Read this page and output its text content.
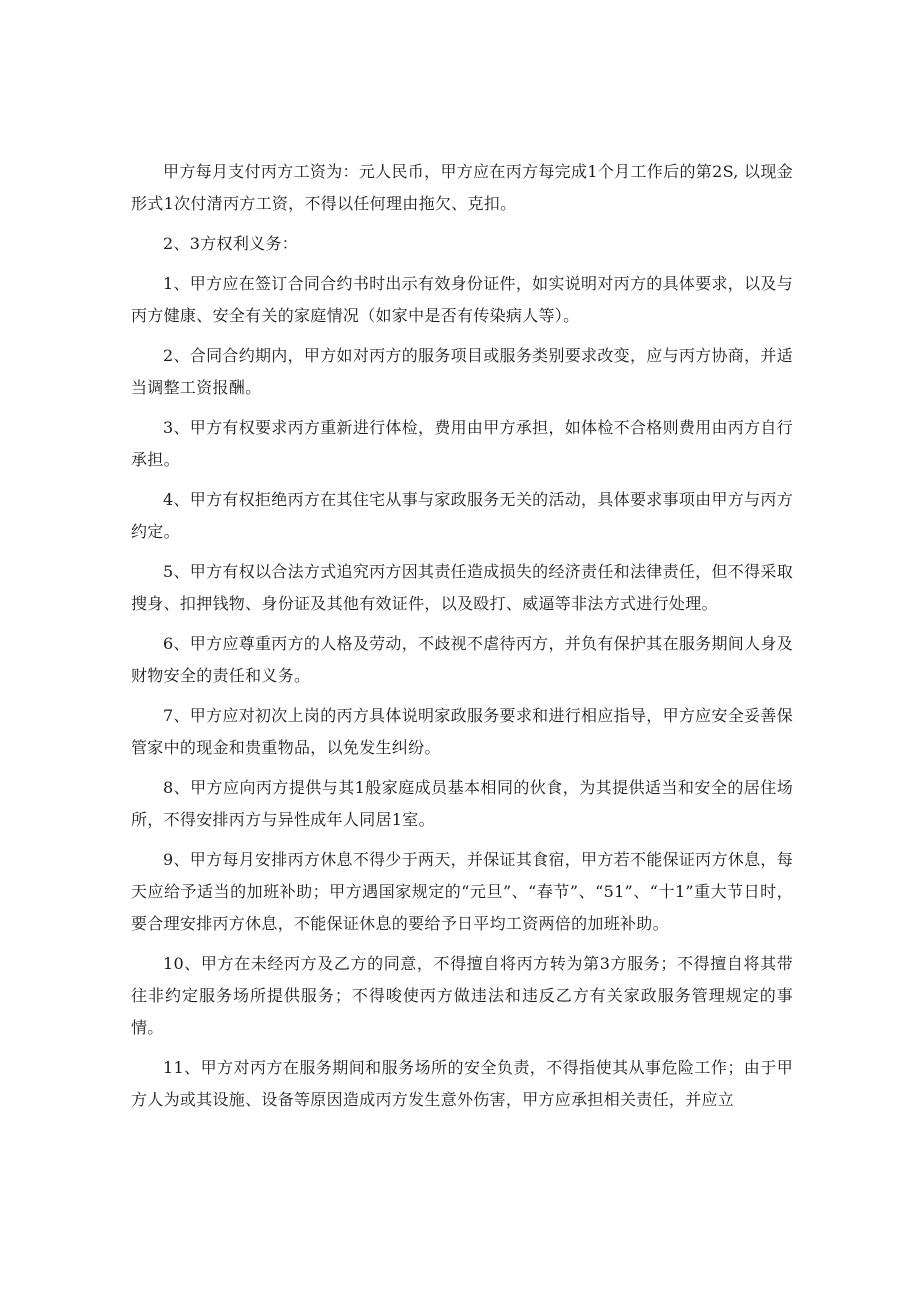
甲方每月支付丙方工资为：元人民币，甲方应在丙方每完成1个月工作后的第2S, 以现金形式1次付清丙方工资，不得以任何理由拖欠、克扣。

2、3方权利义务：

1、甲方应在签订合同合约书时出示有效身份证件，如实说明对丙方的具体要求，以及与丙方健康、安全有关的家庭情况（如家中是否有传染病人等）。

2、合同合约期内，甲方如对丙方的服务项目或服务类别要求改变，应与丙方协商，并适当调整工资报酬。

3、甲方有权要求丙方重新进行体检，费用由甲方承担，如体检不合格则费用由丙方自行承担。

4、甲方有权拒绝丙方在其住宅从事与家政服务无关的活动，具体要求事项由甲方与丙方约定。

5、甲方有权以合法方式追究丙方因其责任造成损失的经济责任和法律责任，但不得采取搜身、扣押钱物、身份证及其他有效证件，以及殴打、威逼等非法方式进行处理。

6、甲方应尊重丙方的人格及劳动，不歧视不虐待丙方，并负有保护其在服务期间人身及财物安全的责任和义务。

7、甲方应对初次上岗的丙方具体说明家政服务要求和进行相应指导，甲方应安全妥善保管家中的现金和贵重物品，以免发生纠纷。

8、甲方应向丙方提供与其1般家庭成员基本相同的伙食，为其提供适当和安全的居住场所，不得安排丙方与异性成年人同居1室。

9、甲方每月安排丙方休息不得少于两天，并保证其食宿，甲方若不能保证丙方休息，每天应给予适当的加班补助；甲方遇国家规定的“元旦”、“春节”、“51”、“十1”重大节日时，要合理安排丙方休息，不能保证休息的要给予日平均工资两倍的加班补助。

10、甲方在未经丙方及乙方的同意，不得擅自将丙方转为第3方服务；不得擅自将其带往非约定服务场所提供服务；不得唆使丙方做违法和违反乙方有关家政服务管理规定的事情。

11、甲方对丙方在服务期间和服务场所的安全负责，不得指使其从事危险工作；由于甲方人为或其设施、设备等原因造成丙方发生意外伤害，甲方应承担相关责任，并应立
